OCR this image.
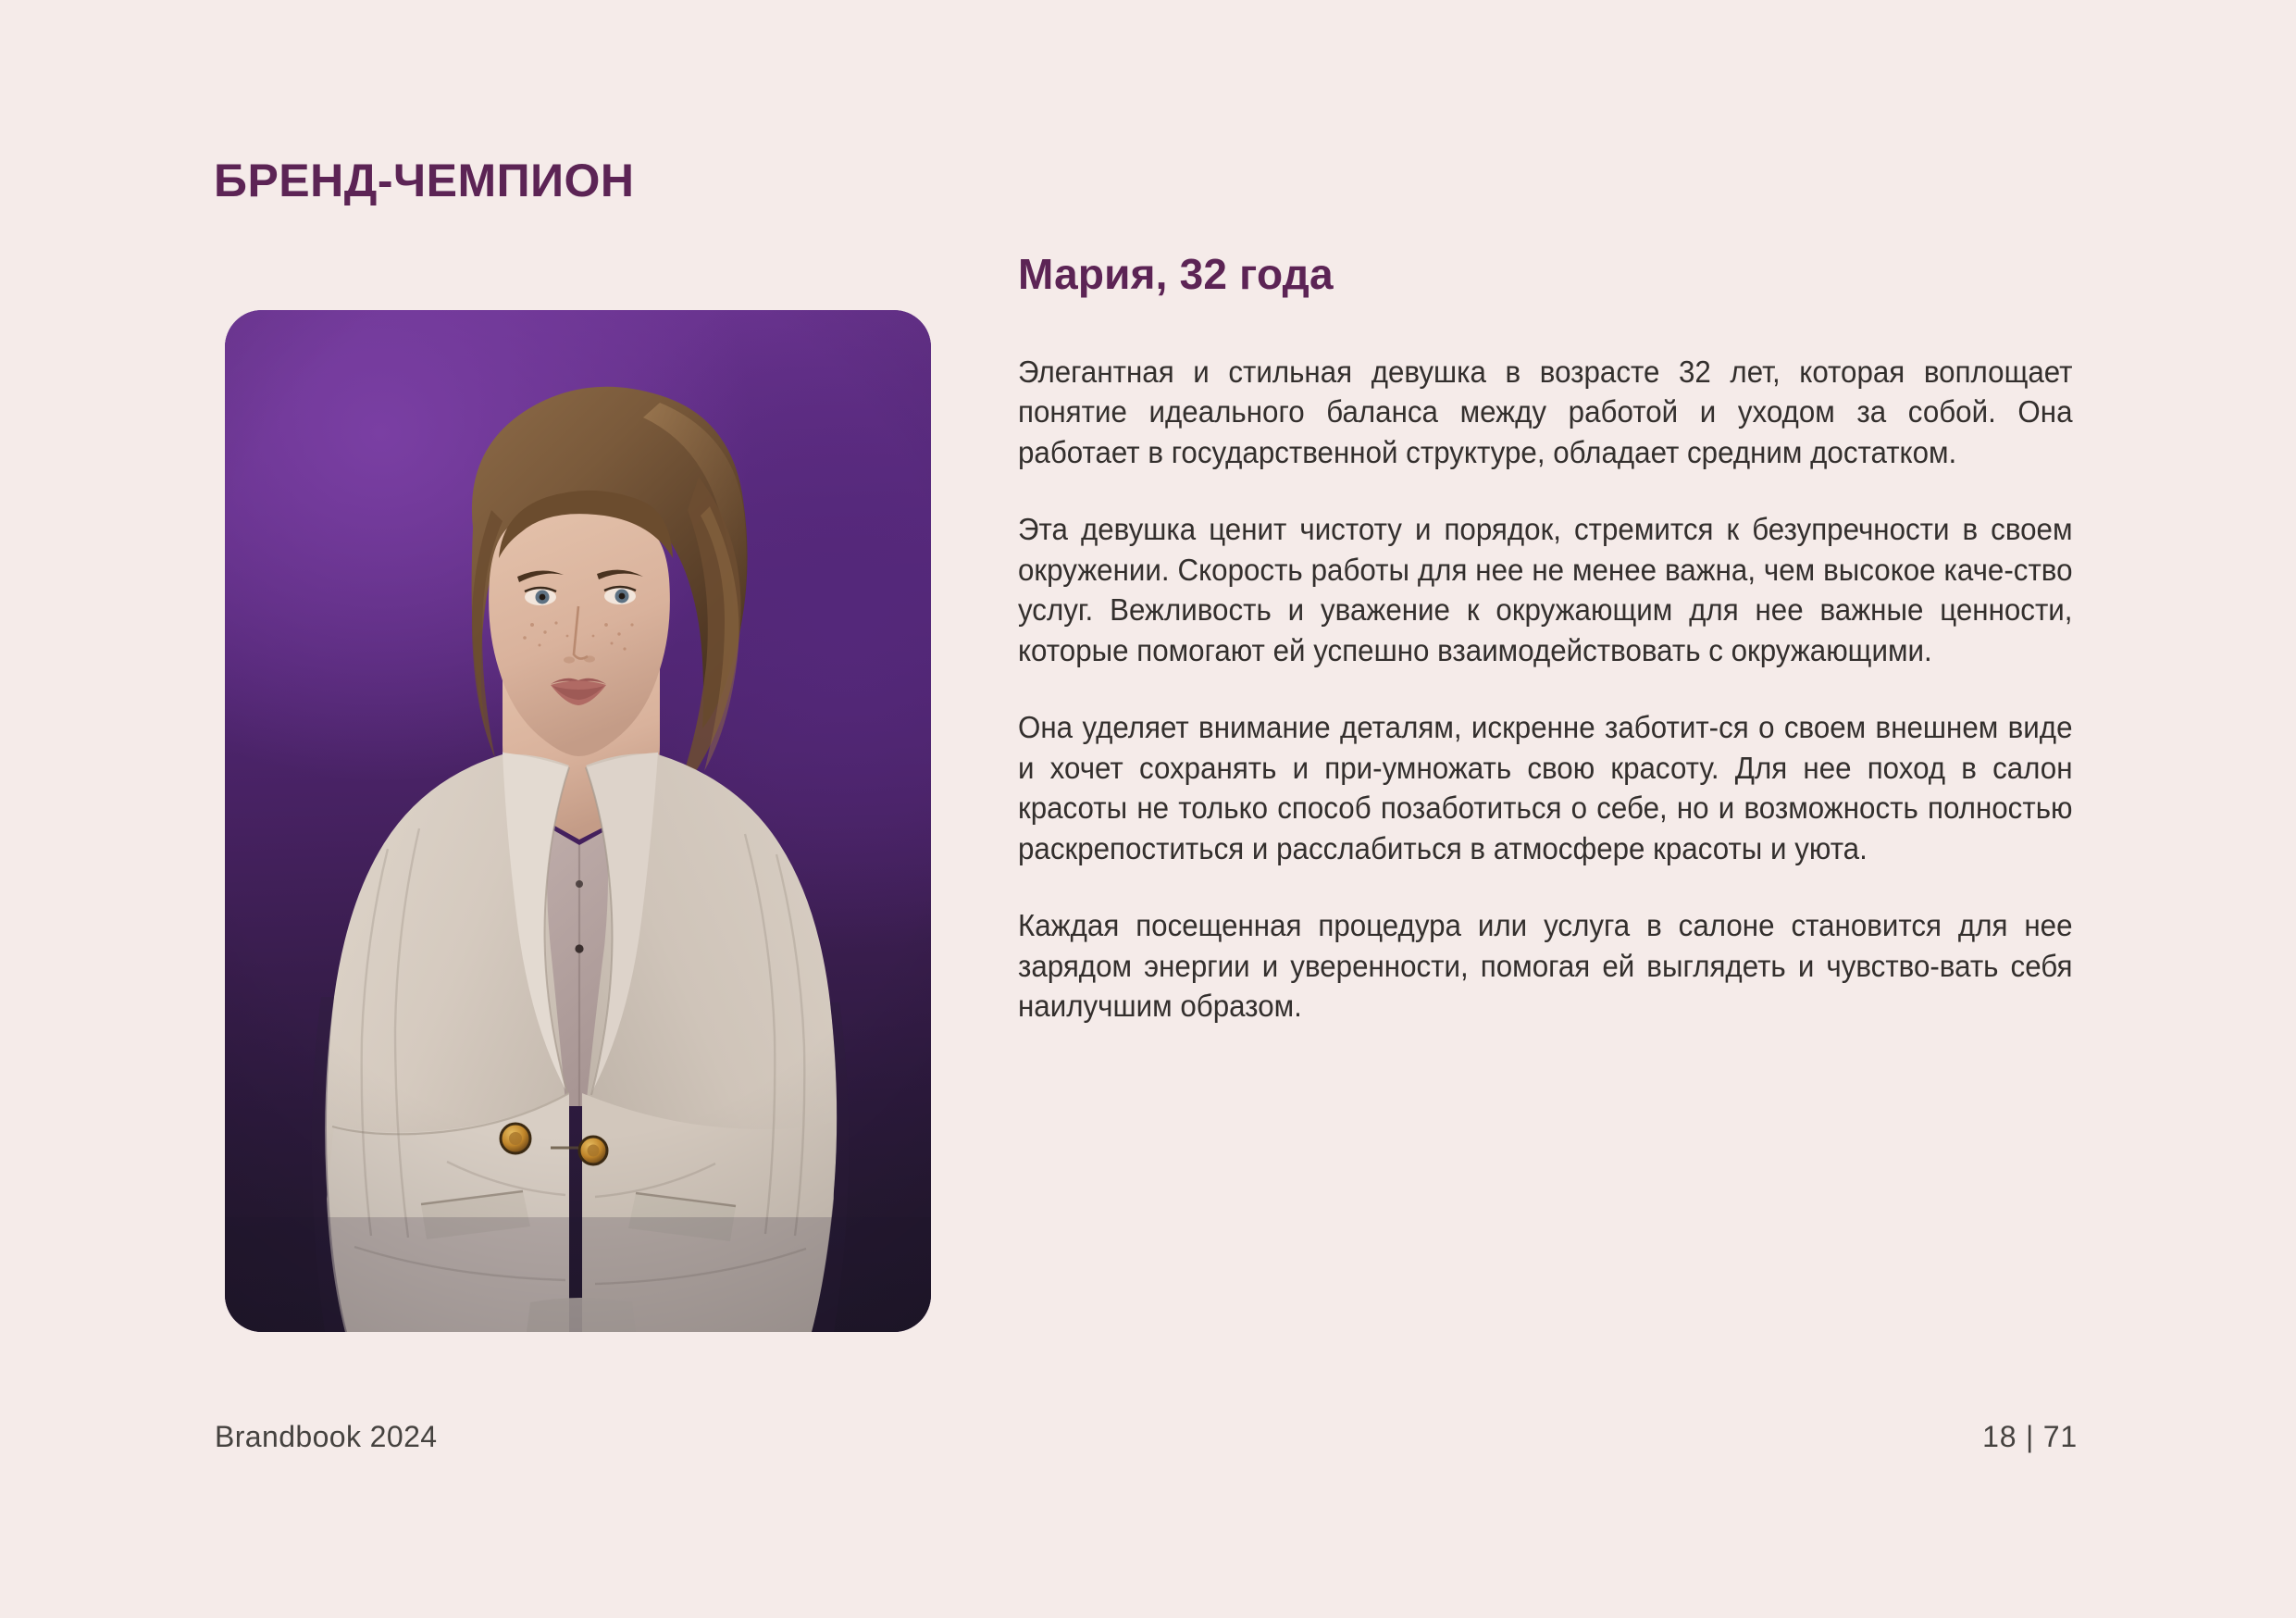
БРЕНД-ЧЕМПИОН
Мария, 32 года

Элегантная и стильная девушка в возрасте 32 лет, которая воплощает понятие идеального баланса между работой и уходом за собой. Она работает в государственной структуре, обладает средним достатком.

Эта девушка ценит чистоту и порядок, стремится к безупречности в своем окружении. Скорость работы для нее не менее важна, чем высокое каче-ство услуг. Вежливость и уважение к окружающим для нее важные ценности, которые помогают ей успешно взаимодействовать с окружающими.

Она уделяет внимание деталям, искренне заботит-ся о своем внешнем виде и хочет сохранять и при-умножать свою красоту. Для нее поход в салон красоты не только способ позаботиться о себе, но и возможность полностью раскрепоститься и расслабиться в атмосфере красоты и уюта.

Каждая посещенная процедура или услуга в салоне становится для нее зарядом энергии и уверенности, помогая ей выглядеть и чувство-вать себя наилучшим образом.

Brandbook 2024	18 | 71
